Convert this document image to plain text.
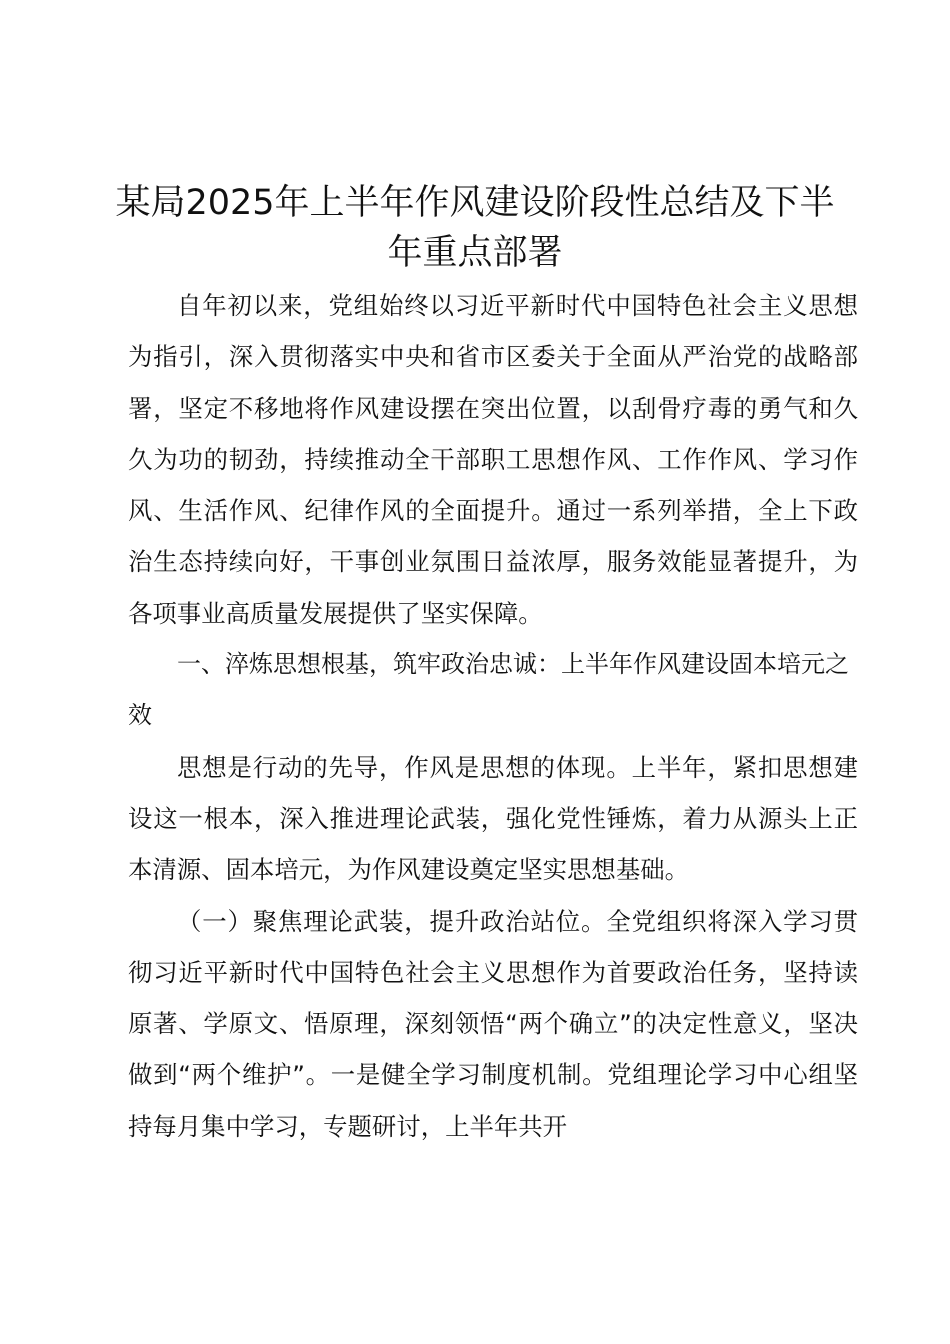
某局2025年上半年作风建设阶段性总结及下半年重点部署

自年初以来，党组始终以习近平新时代中国特色社会主义思想为指引，深入贯彻落实中央和省市区委关于全面从严治党的战略部署，坚定不移地将作风建设摆在突出位置，以刮骨疗毒的勇气和久久为功的韧劲，持续推动全干部职工思想作风、工作作风、学习作风、生活作风、纪律作风的全面提升。通过一系列举措，全上下政治生态持续向好，干事创业氛围日益浓厚，服务效能显著提升，为各项事业高质量发展提供了坚实保障。

一、淬炼思想根基，筑牢政治忠诚：上半年作风建设固本培元之效

思想是行动的先导，作风是思想的体现。上半年，紧扣思想建设这一根本，深入推进理论武装，强化党性锤炼，着力从源头上正本清源、固本培元，为作风建设奠定坚实思想基础。

（一）聚焦理论武装，提升政治站位。全党组织将深入学习贯彻习近平新时代中国特色社会主义思想作为首要政治任务，坚持读原著、学原文、悟原理，深刻领悟“两个确立”的决定性意义，坚决做到“两个维护”。一是健全学习制度机制。党组理论学习中心组坚持每月集中学习，专题研讨，上半年共开
